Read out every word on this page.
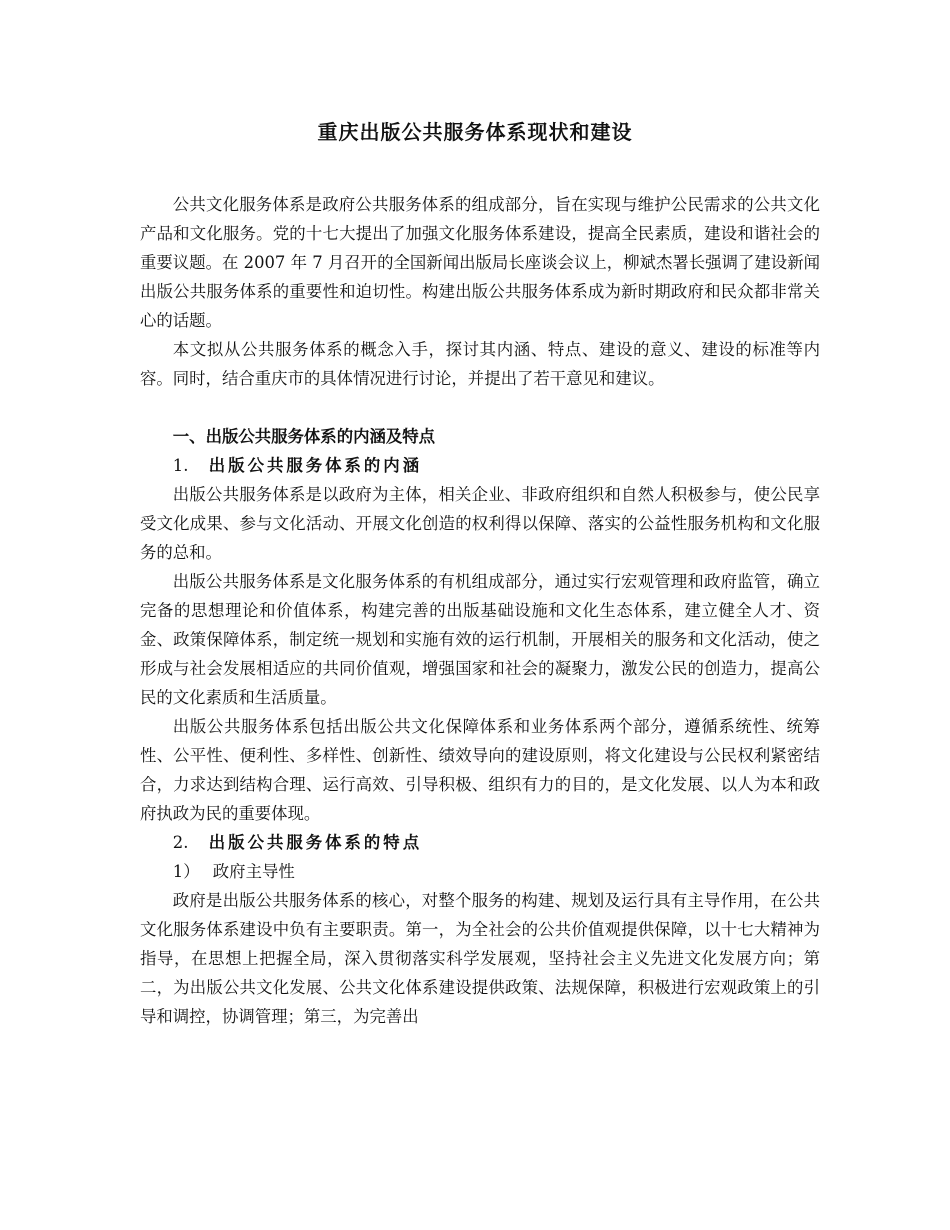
重庆出版公共服务体系现状和建设

公共文化服务体系是政府公共服务体系的组成部分，旨在实现与维护公民需求的公共文化产品和文化服务。党的十七大提出了加强文化服务体系建设，提高全民素质，建设和谐社会的重要议题。在 2007 年 7 月召开的全国新闻出版局长座谈会议上，柳斌杰署长强调了建设新闻出版公共服务体系的重要性和迫切性。构建出版公共服务体系成为新时期政府和民众都非常关心的话题。

本文拟从公共服务体系的概念入手，探讨其内涵、特点、建设的意义、建设的标准等内容。同时，结合重庆市的具体情况进行讨论，并提出了若干意见和建议。

一、出版公共服务体系的内涵及特点

1. 出版公共服务体系的内涵

出版公共服务体系是以政府为主体，相关企业、非政府组织和自然人积极参与，使公民享受文化成果、参与文化活动、开展文化创造的权利得以保障、落实的公益性服务机构和文化服务的总和。

出版公共服务体系是文化服务体系的有机组成部分，通过实行宏观管理和政府监管，确立完备的思想理论和价值体系，构建完善的出版基础设施和文化生态体系，建立健全人才、资金、政策保障体系，制定统一规划和实施有效的运行机制，开展相关的服务和文化活动，使之形成与社会发展相适应的共同价值观，增强国家和社会的凝聚力，激发公民的创造力，提高公民的文化素质和生活质量。

出版公共服务体系包括出版公共文化保障体系和业务体系两个部分，遵循系统性、统筹性、公平性、便利性、多样性、创新性、绩效导向的建设原则，将文化建设与公民权利紧密结合，力求达到结构合理、运行高效、引导积极、组织有力的目的，是文化发展、以人为本和政府执政为民的重要体现。

2. 出版公共服务体系的特点

1） 政府主导性

政府是出版公共服务体系的核心，对整个服务的构建、规划及运行具有主导作用，在公共文化服务体系建设中负有主要职责。第一，为全社会的公共价值观提供保障，以十七大精神为指导，在思想上把握全局，深入贯彻落实科学发展观，坚持社会主义先进文化发展方向；第二，为出版公共文化发展、公共文化体系建设提供政策、法规保障，积极进行宏观政策上的引导和调控，协调管理；第三，为完善出
